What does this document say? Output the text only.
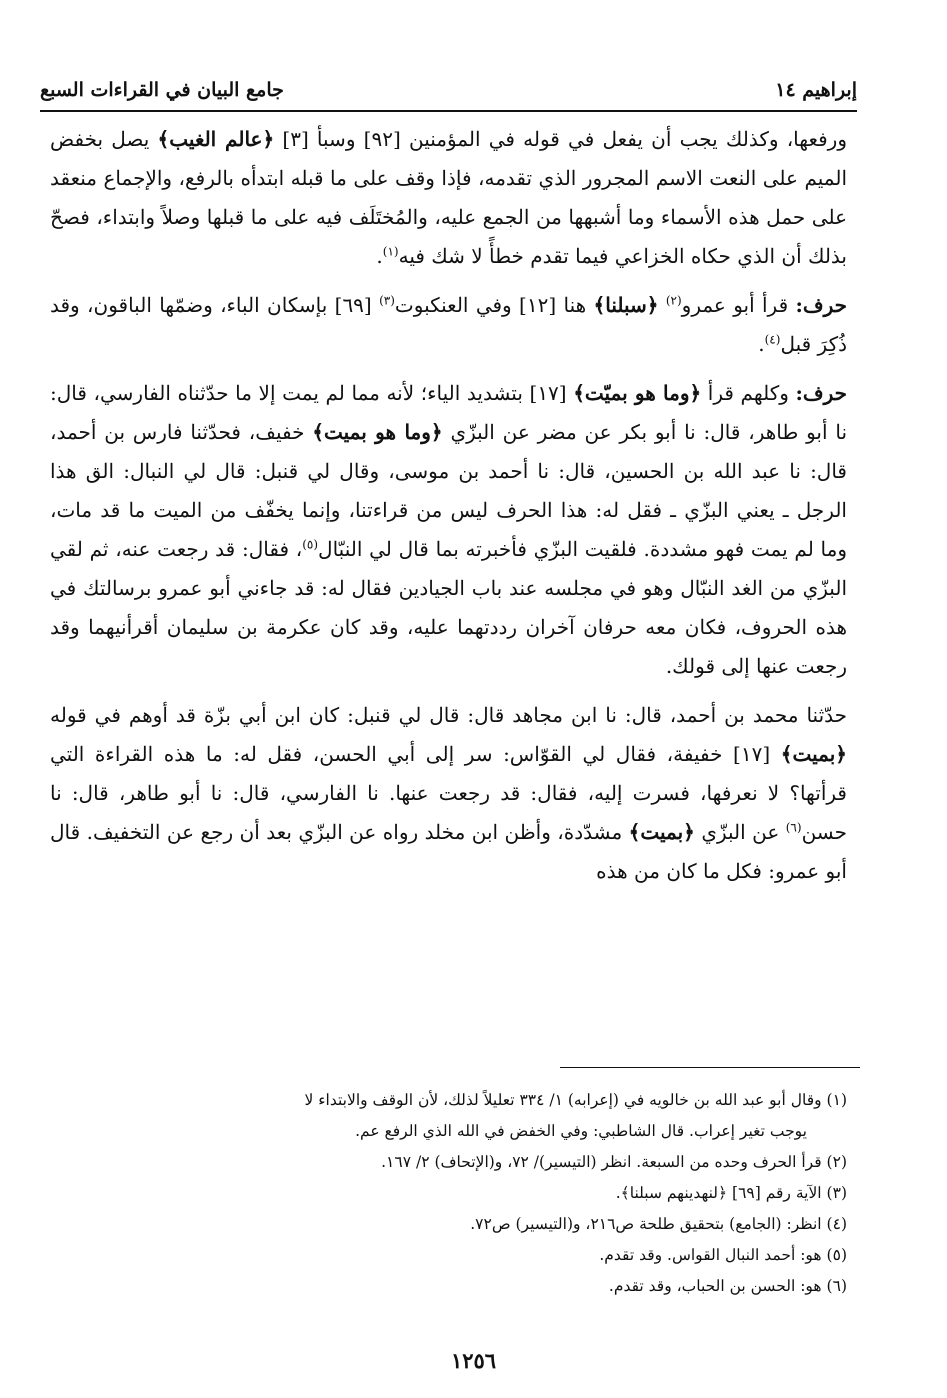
إبراهيم ١٤
جامع البيان في القراءات السبع

ورفعها، وكذلك يجب أن يفعل في قوله في المؤمنين [٩٢] وسبأ [٣] ﴿عالم الغيب﴾ يصل بخفض الميم على النعت الاسم المجرور الذي تقدمه، فإذا وقف على ما قبله ابتدأه بالرفع، والإجماع منعقد على حمل هذه الأسماء وما أشبهها من الجمع عليه، والمُختَلَف فيه على ما قبلها وصلاً وابتداء، فصحّ بذلك أن الذي حكاه الخزاعي فيما تقدم خطأً لا شك فيه$^{(١)}$.

حرف: قرأ أبو عمرو$^{(٢)}$ ﴿سبلنا﴾ هنا [١٢] وفي العنكبوت$^{(٣)}$ [٦٩] بإسكان الباء، وضمّها الباقون، وقد ذُكِرَ قبل$^{(٤)}$.

حرف: وكلهم قرأ ﴿وما هو بميّت﴾ [١٧] بتشديد الياء؛ لأنه مما لم يمت إلا ما حدّثناه الفارسي، قال: نا أبو طاهر، قال: نا أبو بكر عن مضر عن البزّي ﴿وما هو بميت﴾ خفيف، فحدّثنا فارس بن أحمد، قال: نا عبد الله بن الحسين، قال: نا أحمد بن موسى، وقال لي قنبل: قال لي النبال: الق هذا الرجل ـ يعني البزّي ـ فقل له: هذا الحرف ليس من قراءتنا، وإنما يخفّف من الميت ما قد مات، وما لم يمت فهو مشددة. فلقيت البزّي فأخبرته بما قال لي النبّال$^{(٥)}$، فقال: قد رجعت عنه، ثم لقي البزّي من الغد النبّال وهو في مجلسه عند باب الجيادين فقال له: قد جاءني أبو عمرو برسالتك في هذه الحروف، فكان معه حرفان آخران رددتهما عليه، وقد كان عكرمة بن سليمان أقرأنيهما وقد رجعت عنها إلى قولك.

حدّثنا محمد بن أحمد، قال: نا ابن مجاهد قال: قال لي قنبل: كان ابن أبي بزّة قد أوهم في قوله ﴿بميت﴾ [١٧] خفيفة، فقال لي القوّاس: سر إلى أبي الحسن، فقل له: ما هذه القراءة التي قرأتها؟ لا نعرفها، فسرت إليه، فقال: قد رجعت عنها. نا الفارسي، قال: نا أبو طاهر، قال: نا حسن$^{(٦)}$ عن البزّي ﴿بميت﴾ مشدّدة، وأظن ابن مخلد رواه عن البزّي بعد أن رجع عن التخفيف. قال أبو عمرو: فكل ما كان من هذه

(١) وقال أبو عبد الله بن خالويه في (إعرابه) ١/ ٣٣٤ تعليلاً لذلك، لأن الوقف والابتداء لا

يوجب تغير إعراب. قال الشاطبي: وفي الخفض في الله الذي الرفع عم.

(٢) قرأ الحرف وحده من السبعة. انظر (التيسير)/ ٧٢، و(الإتحاف) ٢/ ١٦٧.

(٣) الآية رقم [٦٩] ﴿لنهدينهم سبلنا﴾.

(٤) انظر: (الجامع) بتحقيق طلحة ص٢١٦، و(التيسير) ص٧٢.

(٥) هو: أحمد النبال القواس. وقد تقدم.

(٦) هو: الحسن بن الحباب، وقد تقدم.

١٢٥٦
